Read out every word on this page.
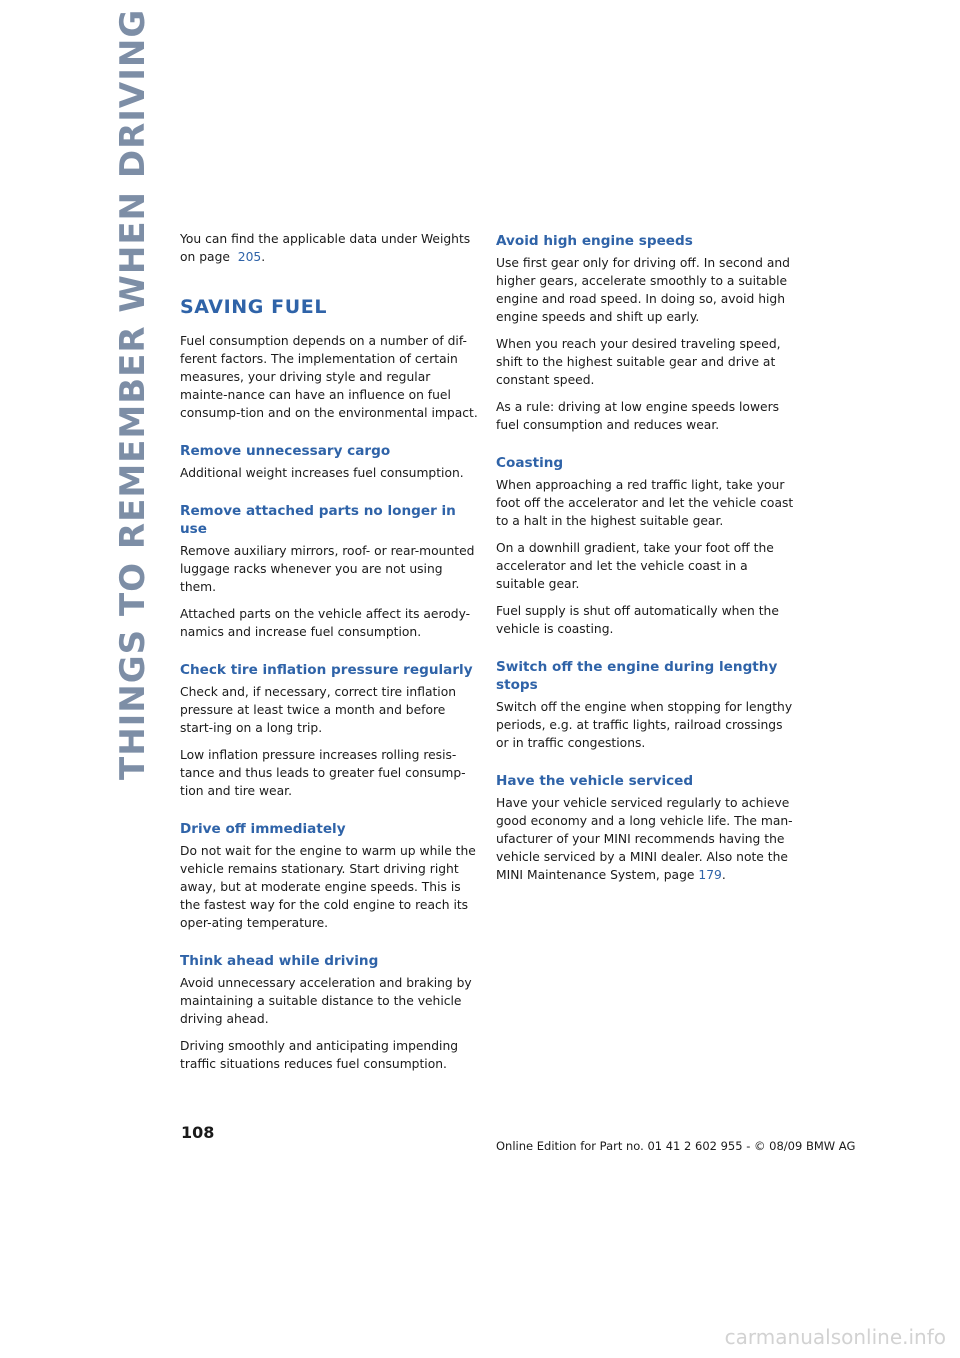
THINGS TO REMEMBER WHEN DRIVING You can find the applicable data under Weights on page 205.

SAVING FUEL

Fuel consumption depends on a number of dif-ferent factors. The implementation of certain measures, your driving style and regular mainte-nance can have an influence on fuel consump-tion and on the environmental impact.

Remove unnecessary cargo

Additional weight increases fuel consumption.

Remove attached parts no longer in use

Remove auxiliary mirrors, roof- or rear-mounted luggage racks whenever you are not using them.

Attached parts on the vehicle affect its aerody-namics and increase fuel consumption.

Check tire inflation pressure regularly

Check and, if necessary, correct tire inflation pressure at least twice a month and before start-ing on a long trip.

Low inflation pressure increases rolling resis-tance and thus leads to greater fuel consump-tion and tire wear.

Drive off immediately

Do not wait for the engine to warm up while the vehicle remains stationary. Start driving right away, but at moderate engine speeds. This is the fastest way for the cold engine to reach its oper-ating temperature.

Think ahead while driving

Avoid unnecessary acceleration and braking by maintaining a suitable distance to the vehicle driving ahead.

Driving smoothly and anticipating impending traffic situations reduces fuel consumption.

Avoid high engine speeds

Use first gear only for driving off. In second and higher gears, accelerate smoothly to a suitable engine and road speed. In doing so, avoid high engine speeds and shift up early.

When you reach your desired traveling speed, shift to the highest suitable gear and drive at constant speed.

As a rule: driving at low engine speeds lowers fuel consumption and reduces wear.

Coasting

When approaching a red traffic light, take your foot off the accelerator and let the vehicle coast to a halt in the highest suitable gear.

On a downhill gradient, take your foot off the accelerator and let the vehicle coast in a suitable gear.

Fuel supply is shut off automatically when the vehicle is coasting.

Switch off the engine during lengthy stops

Switch off the engine when stopping for lengthy periods, e.g. at traffic lights, railroad crossings or in traffic congestions.

Have the vehicle serviced

Have your vehicle serviced regularly to achieve good economy and a long vehicle life. The man-ufacturer of your MINI recommends having the vehicle serviced by a MINI dealer. Also note the MINI Maintenance System, page 179.

108
Online Edition for Part no. 01 41 2 602 955 - © 08/09 BMW AG
carmanualsonline.info
